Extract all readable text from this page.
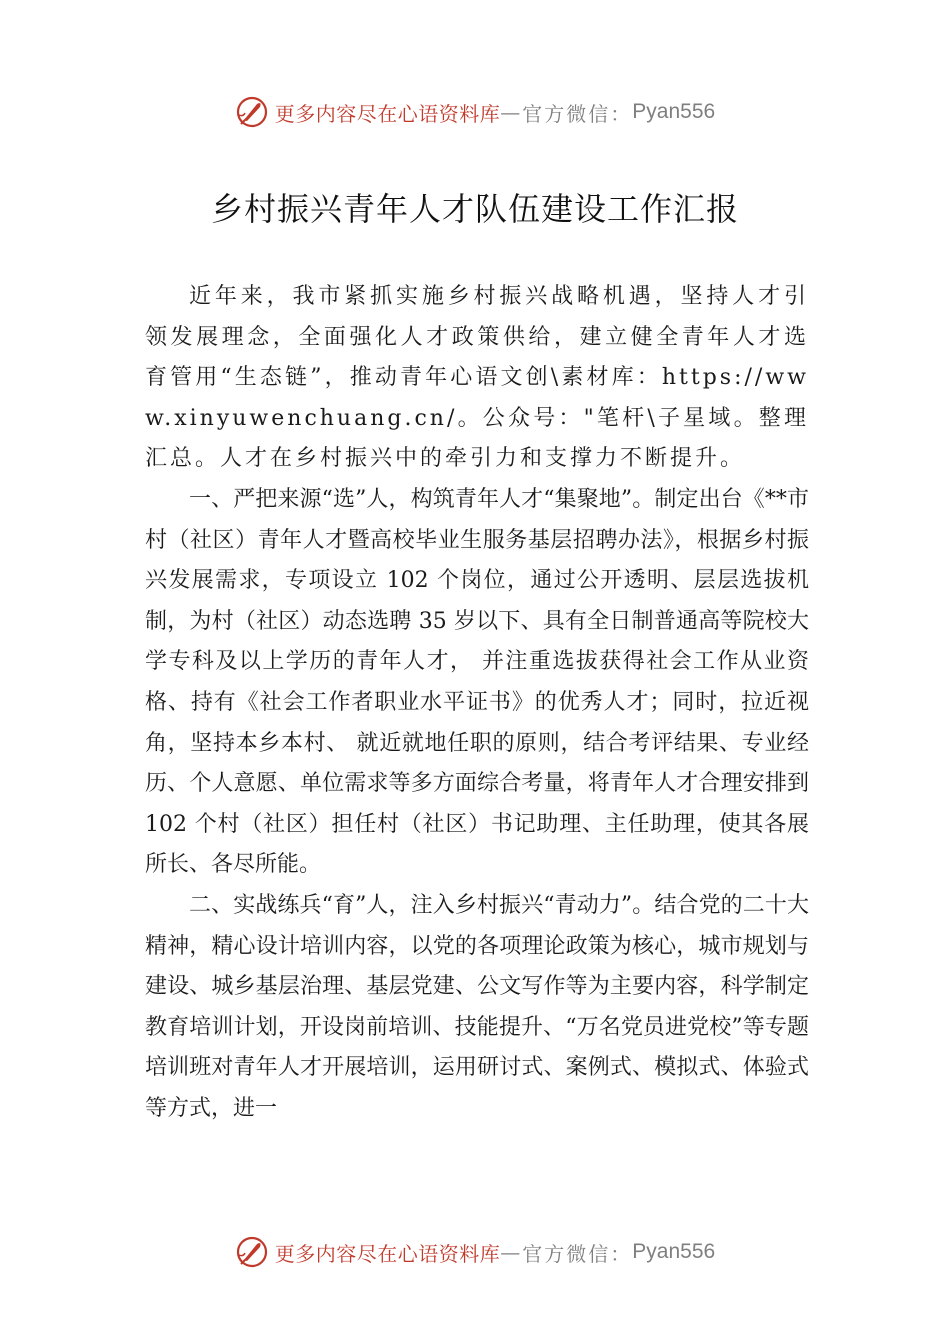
更多内容尽在心语资料库 — 官方微信： Pyan556
乡村振兴青年人才队伍建设工作汇报

近年来，我市紧抓实施乡村振兴战略机遇，坚持人才引领发展理念，全面强化人才政策供给，建立健全青年人才选育管用“生态链”，推动青年心语文创\素材库：https://www.xinyuwenchuang.cn/。公众号："笔杆\子星域。整理汇总。人才在乡村振兴中的牵引力和支撑力不断提升。

一、严把来源“选”人，构筑青年人才“集聚地”。制定出台《**市村（社区）青年人才暨高校毕业生服务基层招聘办法》，根据乡村振兴发展需求，专项设立 102 个岗位，通过公开透明、层层选拔机制，为村（社区）动态选聘 35 岁以下、具有全日制普通高等院校大学专科及以上学历的青年人才， 并注重选拔获得社会工作从业资格、持有《社会工作者职业水平证书》的优秀人才；同时，拉近视角，坚持本乡本村、 就近就地任职的原则，结合考评结果、专业经历、个人意愿、单位需求等多方面综合考量，将青年人才合理安排到 102 个村（社区）担任村（社区）书记助理、主任助理，使其各展所长、各尽所能。

二、实战练兵“育”人，注入乡村振兴“青动力”。结合党的二十大精神，精心设计培训内容，以党的各项理论政策为核心，城市规划与建设、城乡基层治理、基层党建、公文写作等为主要内容，科学制定教育培训计划，开设岗前培训、技能提升、“万名党员进党校”等专题培训班对青年人才开展培训，运用研讨式、案例式、模拟式、体验式等方式，进一

更多内容尽在心语资料库 — 官方微信： Pyan556
